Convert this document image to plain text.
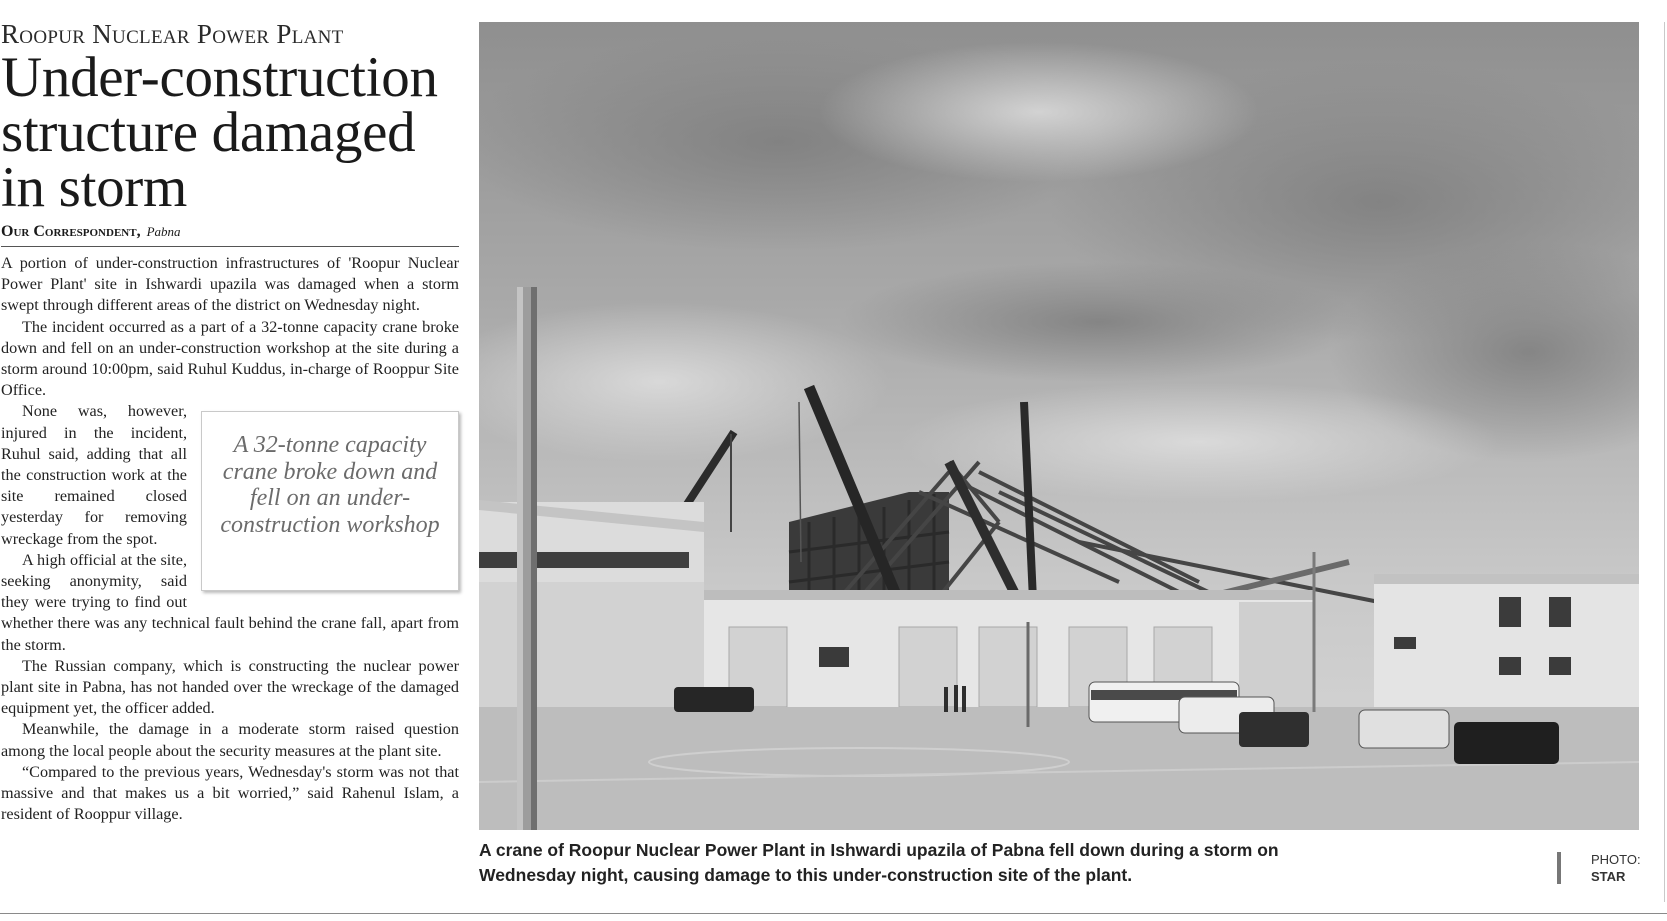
Roopur Nuclear Power Plant
Under-construction structure damaged in storm
Our Correspondent, Pabna

A portion of under-construction infrastructures of 'Roopur Nuclear Power Plant' site in Ishwardi upazila was damaged when a storm swept through different areas of the district on Wednesday night.

The incident occurred as a part of a 32-tonne capacity crane broke down and fell on an under-construction workshop at the site during a storm around 10:00pm, said Ruhul Kuddus, in-charge of Rooppur Site Office.

A 32-tonne capacity crane broke down and fell on an under-construction workshop

None was, however, injured in the incident, Ruhul said, adding that all the construction work at the site remained closed yesterday for removing wreckage from the spot.

A high official at the site, seeking anonymity, said they were trying to find out whether there was any technical fault behind the crane fall, apart from the storm.

The Russian company, which is constructing the nuclear power plant site in Pabna, has not handed over the wreckage of the damaged equipment yet, the officer added.

Meanwhile, the damage in a moderate storm raised question among the local people about the security measures at the plant site.

“Compared to the previous years, Wednesday's storm was not that massive and that makes us a bit worried,” said Rahenul Islam, a resident of Rooppur village.

A crane of Roopur Nuclear Power Plant in Ishwardi upazila of Pabna fell down during a storm on Wednesday night, causing damage to this under-construction site of the plant.
PHOTO:
STAR
